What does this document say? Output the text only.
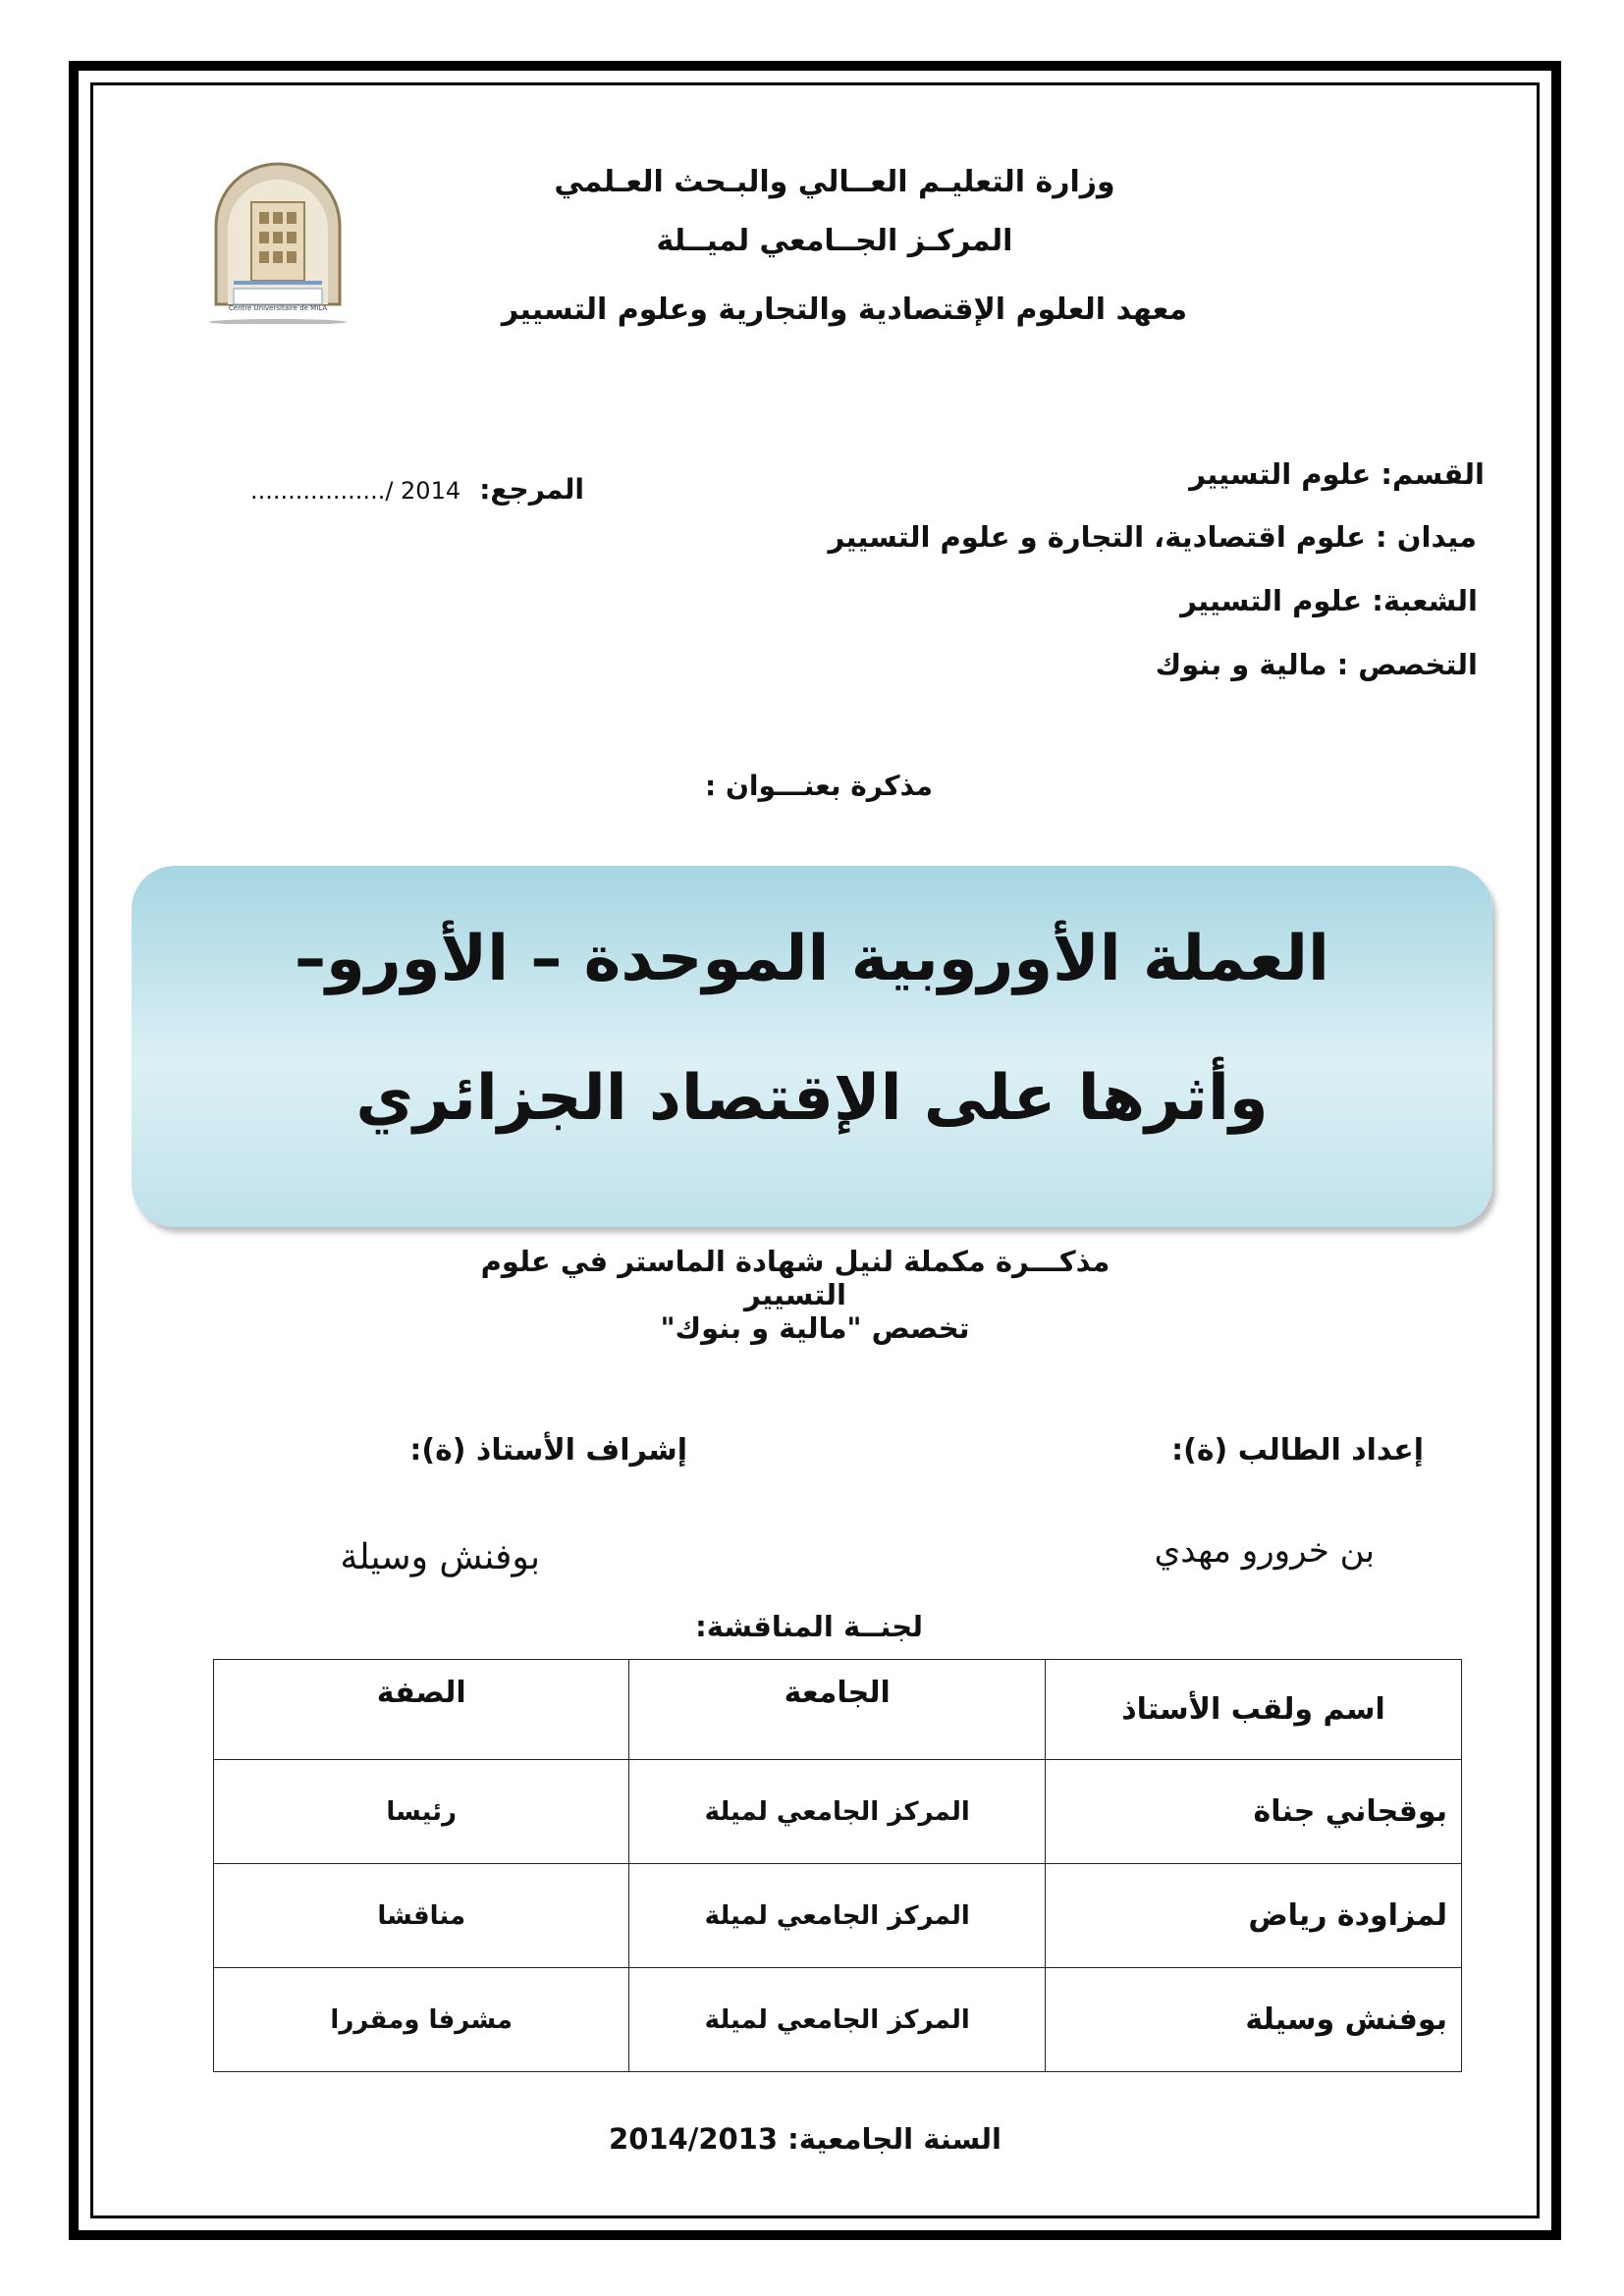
Centre Universitaire de MILA
وزارة التعليـم العــالي والبـحث العـلمي
المركـز الجــامعي لميــلة
معهد العلوم الإقتصادية والتجارية وعلوم التسيير
القسم: علوم التسيير
ميدان : علوم اقتصادية، التجارة و علوم التسيير
الشعبة: علوم التسيير
التخصص : مالية و بنوك
المرجع:
................../ 2014
مذكرة بعنـــوان :
العملة الأوروبية الموحدة – الأورو–
وأثرها على الإقتصاد الجزائري
مذكـــرة مكملة لنيل شهادة الماستر في علوم التسيير
تخصص "مالية و بنوك"
إعداد الطالب (ة):
إشراف الأستاذ (ة):
بن خرورو مهدي
بوفنش وسيلة
لجنــة المناقشة:
الصفة	الجامعة	اسم ولقب الأستاذ
رئيسا	المركز الجامعي لميلة	بوقجاني جناة
مناقشا	المركز الجامعي لميلة	لمزاودة رياض
مشرفا ومقررا	المركز الجامعي لميلة	بوفنش وسيلة
السنة الجامعية: 2014/2013
